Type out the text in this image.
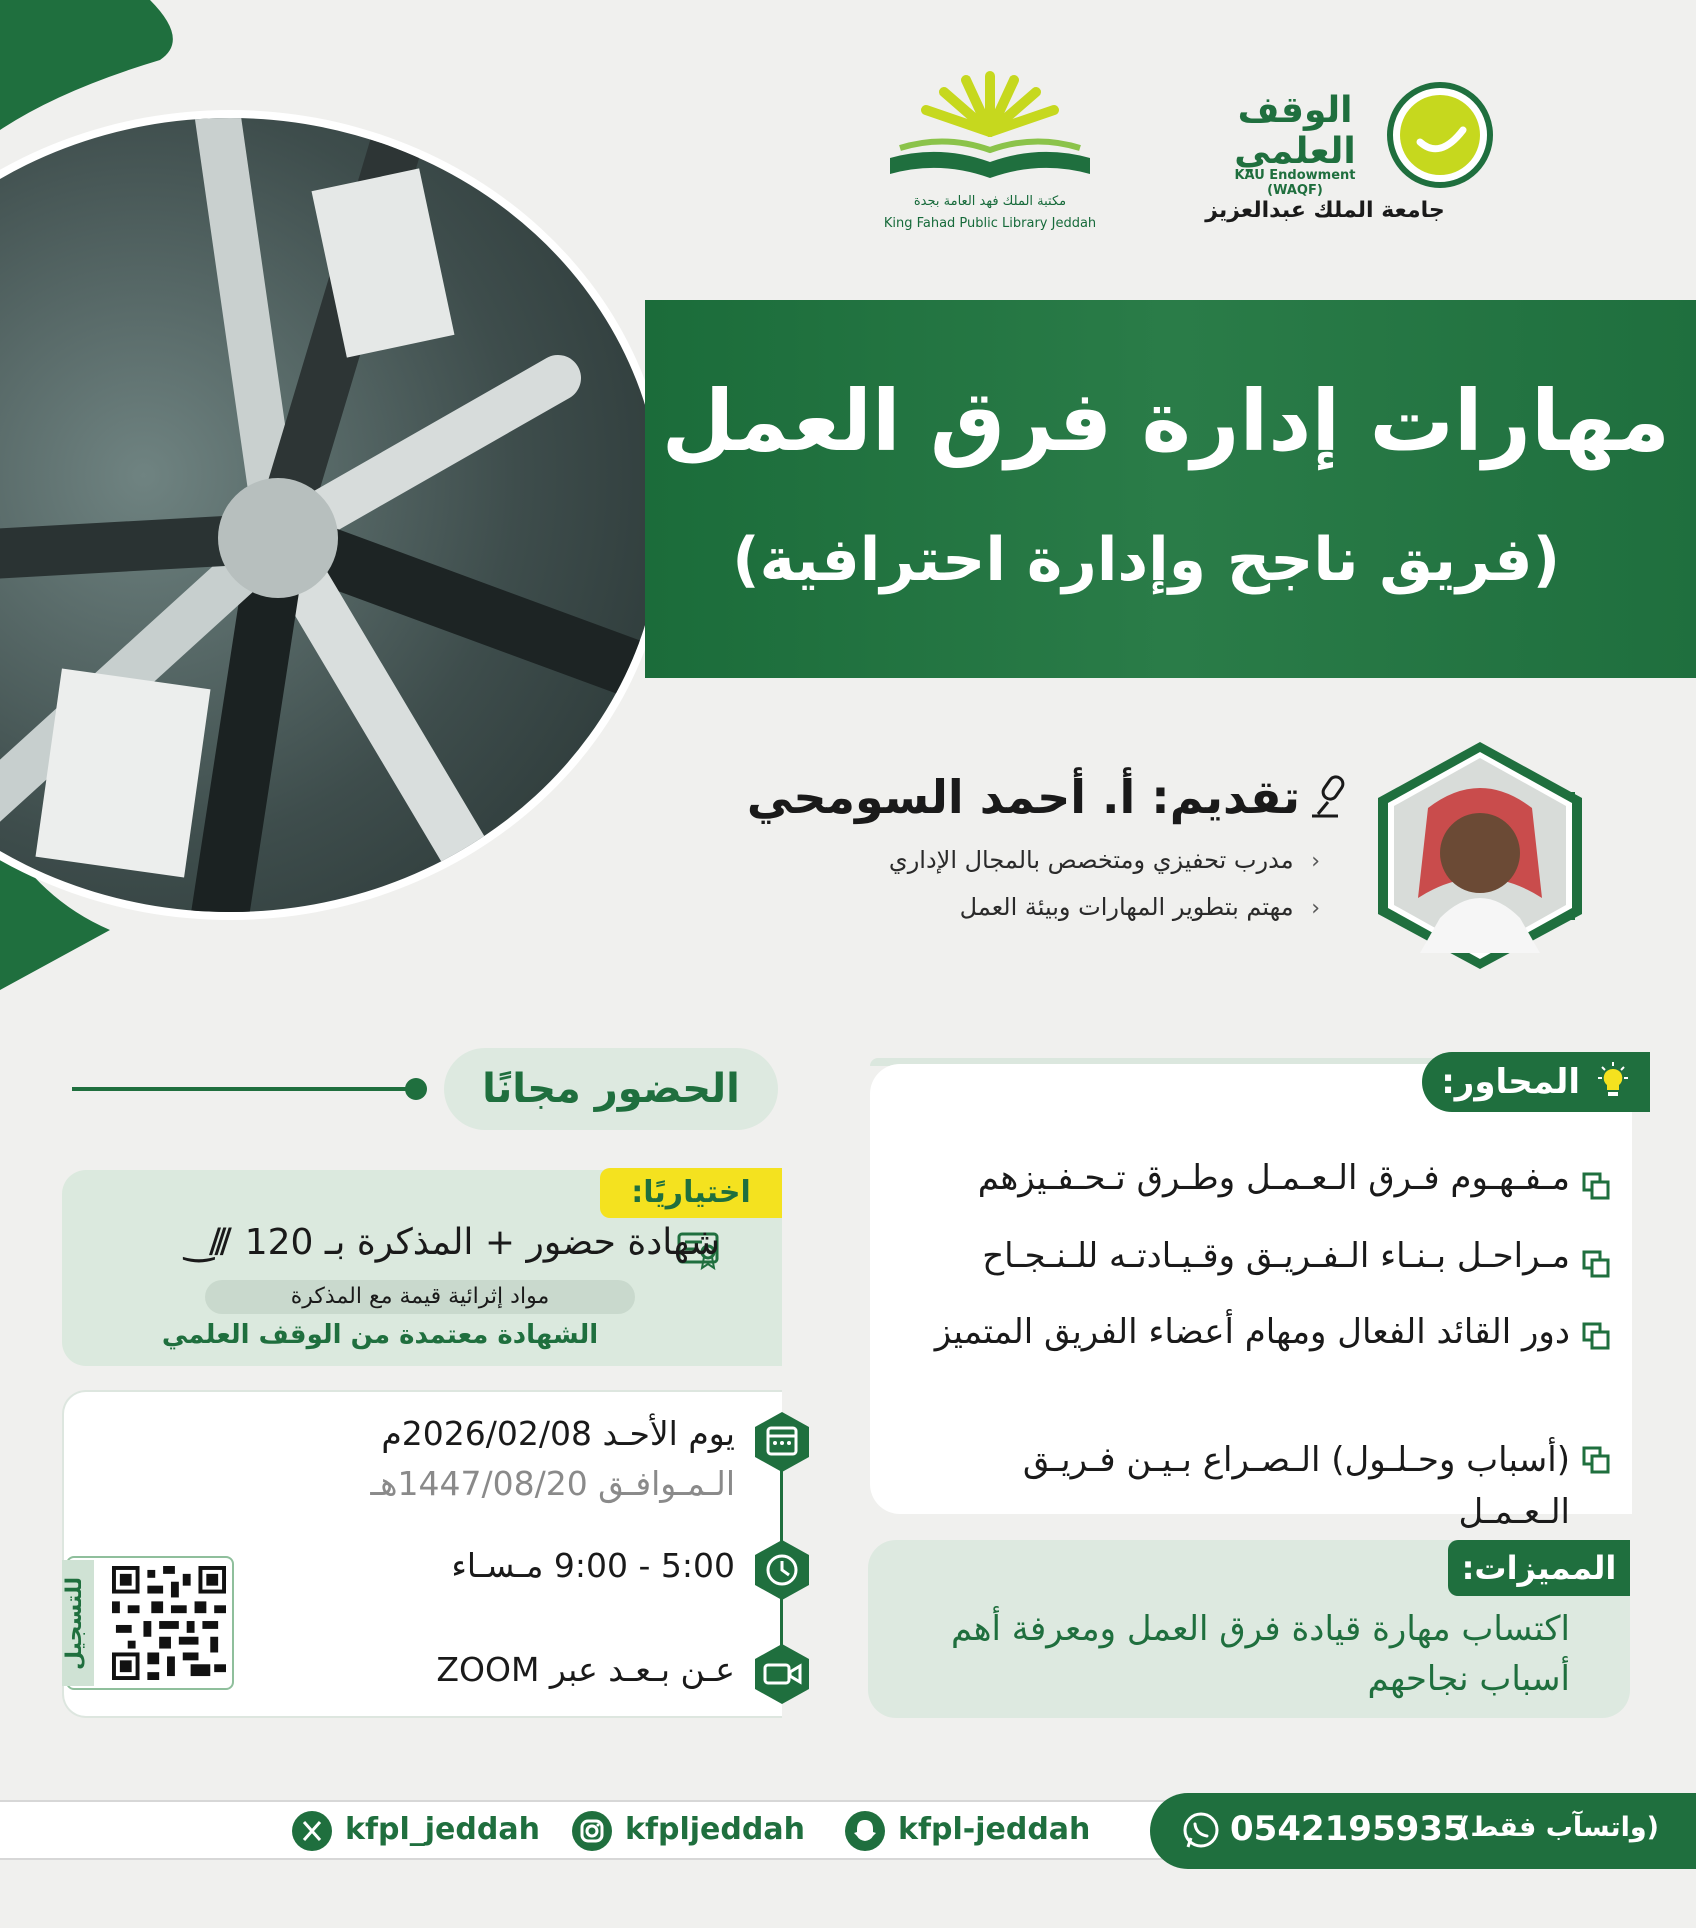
مكتبة الملك فهد العامة بجدة
King Fahad Public Library Jeddah
الوقف العلمي
KAU Endowment (WAQF)
جامعة الملك عبدالعزيز
مهارات إدارة فرق العمل
(فريق ناجح وإدارة احترافية)
تقديم: أ. أحمد السومحي
‹ مدرب تحفيزي ومتخصص بالمجال الإداري
‹ مهتم بتطوير المهارات وبيئة العمل
الحضور مجانًا
اختياريًا:
شهادة حضور + المذكرة بـ 120 ⫻‿
مواد إثرائية قيمة مع المذكرة
الشهادة معتمدة من الوقف العلمي
يوم الأحـد 2026/02/08م
الـمـوافـق 1447/08/20هـ
5:00 - 9:00 مـسـاء
عـن بـعـد عبر ZOOM
للتسجيل
المحاور:
مـفـهـوم فـرق الـعـمـل وطـرق تـحـفـيزهم
مـراحـل بـنـاء الـفـريـق وقـيـادتـه للـنـجـاح
دور القائد الفعال ومهام أعضاء الفريق المتميز
(أسباب وحـلـول) الـصـراع بـيـن فـريـق الـعـمـل
المميزات:
اكتساب مهارة قيادة فرق العمل ومعرفة أهم أسباب نجاحهم
0542195935
(واتسآب فقط)
kfpl-jeddah
kfpljeddah
kfpl_jeddah
